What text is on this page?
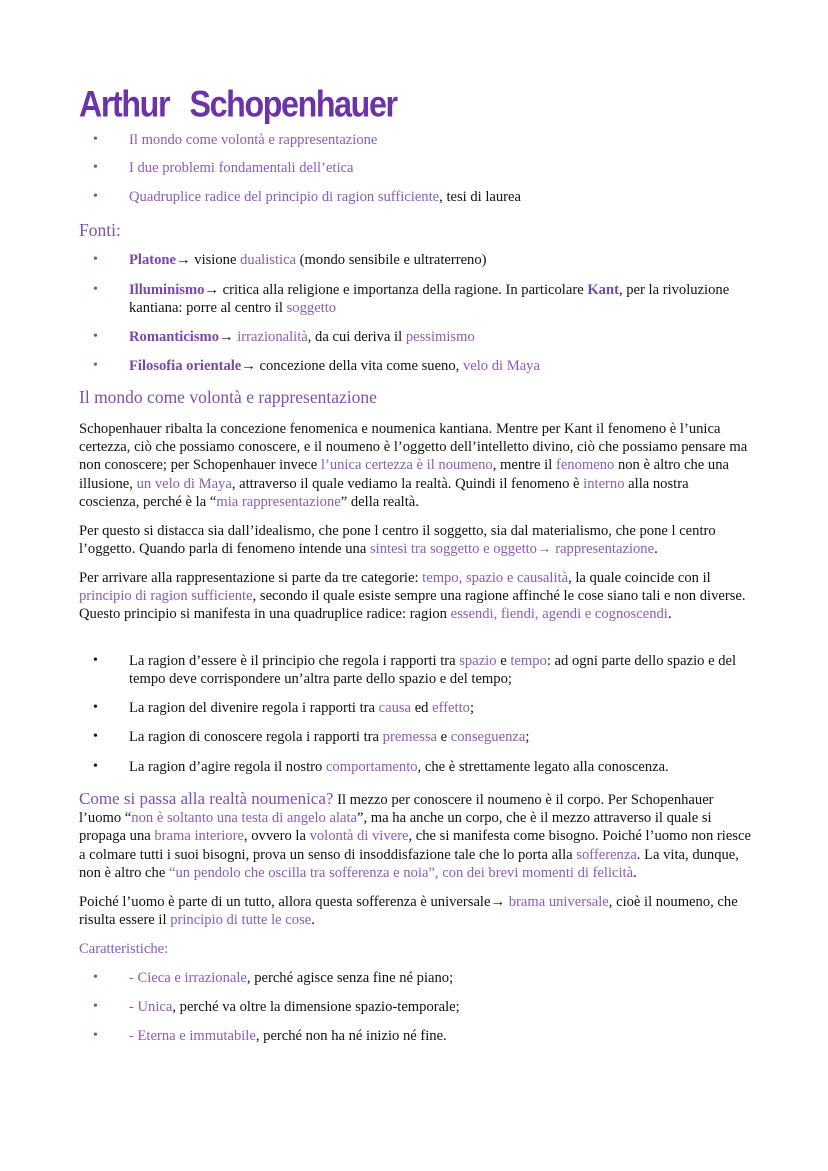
Arthur Schopenhauer
• Il mondo come volontà e rappresentazione
• I due problemi fondamentali dell’etica
• Quadruplice radice del principio di ragion sufficiente, tesi di laurea
Fonti:
• Platone→ visione dualistica (mondo sensibile e ultraterreno)
• Illuminismo→ critica alla religione e importanza della ragione. In particolare Kant, per la rivoluzione kantiana: porre al centro il soggetto
• Romanticismo→ irrazionalità, da cui deriva il pessimismo
• Filosofia orientale→ concezione della vita come sueno, velo di Maya
Il mondo come volontà e rappresentazione
Schopenhauer ribalta la concezione fenomenica e noumenica kantiana. Mentre per Kant il fenomeno è l’unica certezza, ciò che possiamo conoscere, e il noumeno è l’oggetto dell’intelletto divino, ciò che possiamo pensare ma non conoscere; per Schopenhauer invece l’unica certezza è il noumeno, mentre il fenomeno non è altro che una illusione, un velo di Maya, attraverso il quale vediamo la realtà. Quindi il fenomeno è interno alla nostra coscienza, perché è la “mia rappresentazione” della realtà.
Per questo si distacca sia dall’idealismo, che pone l centro il soggetto, sia dal materialismo, che pone l centro l’oggetto. Quando parla di fenomeno intende una sintesi tra soggetto e oggetto→ rappresentazione.
Per arrivare alla rappresentazione si parte da tre categorie: tempo, spazio e causalità, la quale coincide con il principio di ragion sufficiente, secondo il quale esiste sempre una ragione affinché le cose siano tali e non diverse. Questo principio si manifesta in una quadruplice radice: ragion essendi, fiendi, agendi e cognoscendi.
• La ragion d’essere è il principio che regola i rapporti tra spazio e tempo: ad ogni parte dello spazio e del tempo deve corrispondere un’altra parte dello spazio e del tempo;
• La ragion del divenire regola i rapporti tra causa ed effetto;
• La ragion di conoscere regola i rapporti tra premessa e conseguenza;
• La ragion d’agire regola il nostro comportamento, che è strettamente legato alla conoscenza.
Come si passa alla realtà noumenica? Il mezzo per conoscere il noumeno è il corpo. Per Schopenhauer l’uomo “non è soltanto una testa di angelo alata”, ma ha anche un corpo, che è il mezzo attraverso il quale si propaga una brama interiore, ovvero la volontà di vivere, che si manifesta come bisogno. Poiché l’uomo non riesce a colmare tutti i suoi bisogni, prova un senso di insoddisfazione tale che lo porta alla sofferenza. La vita, dunque, non è altro che “un pendolo che oscilla tra sofferenza e noia”, con dei brevi momenti di felicità.
Poiché l’uomo è parte di un tutto, allora questa sofferenza è universale→ brama universale, cioè il noumeno, che risulta essere il principio di tutte le cose.
Caratteristiche:
• - Cieca e irrazionale, perché agisce senza fine né piano;
• - Unica, perché va oltre la dimensione spazio-temporale;
• - Eterna e immutabile, perché non ha né inizio né fine.
